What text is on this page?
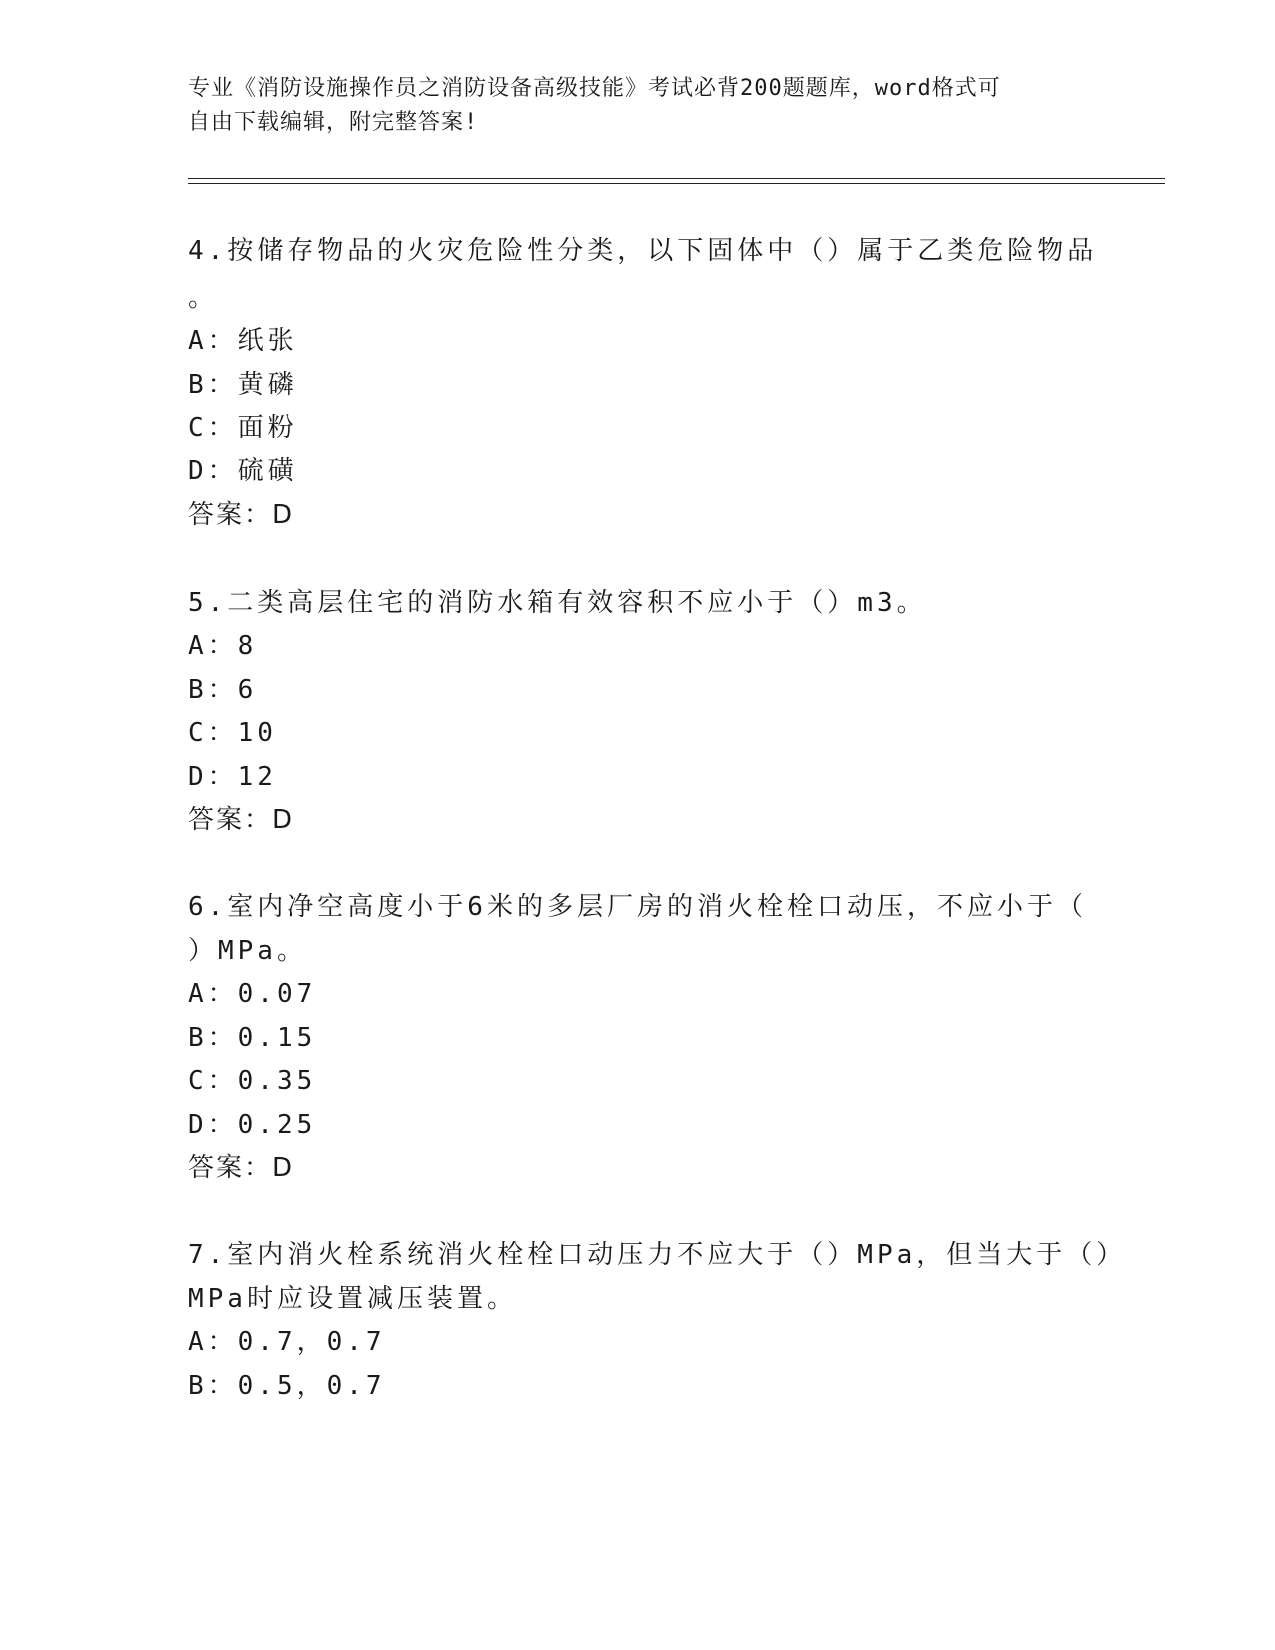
专业《消防设施操作员之消防设备高级技能》考试必背200题题库，word格式可
自由下载编辑，附完整答案!
4.按储存物品的火灾危险性分类，以下固体中（）属于乙类危险物品
。
A：纸张
B：黄磷
C：面粉
D：硫磺
答案：D
5.二类高层住宅的消防水箱有效容积不应小于（）m3。
A：8
B：6
C：10
D：12
答案：D
6.室内净空高度小于6米的多层厂房的消火栓栓口动压，不应小于（
）MPa。
A：0.07
B：0.15
C：0.35
D：0.25
答案：D
7.室内消火栓系统消火栓栓口动压力不应大于（）MPa，但当大于（）
MPa时应设置减压装置。
A：0.7，0.7
B：0.5，0.7
